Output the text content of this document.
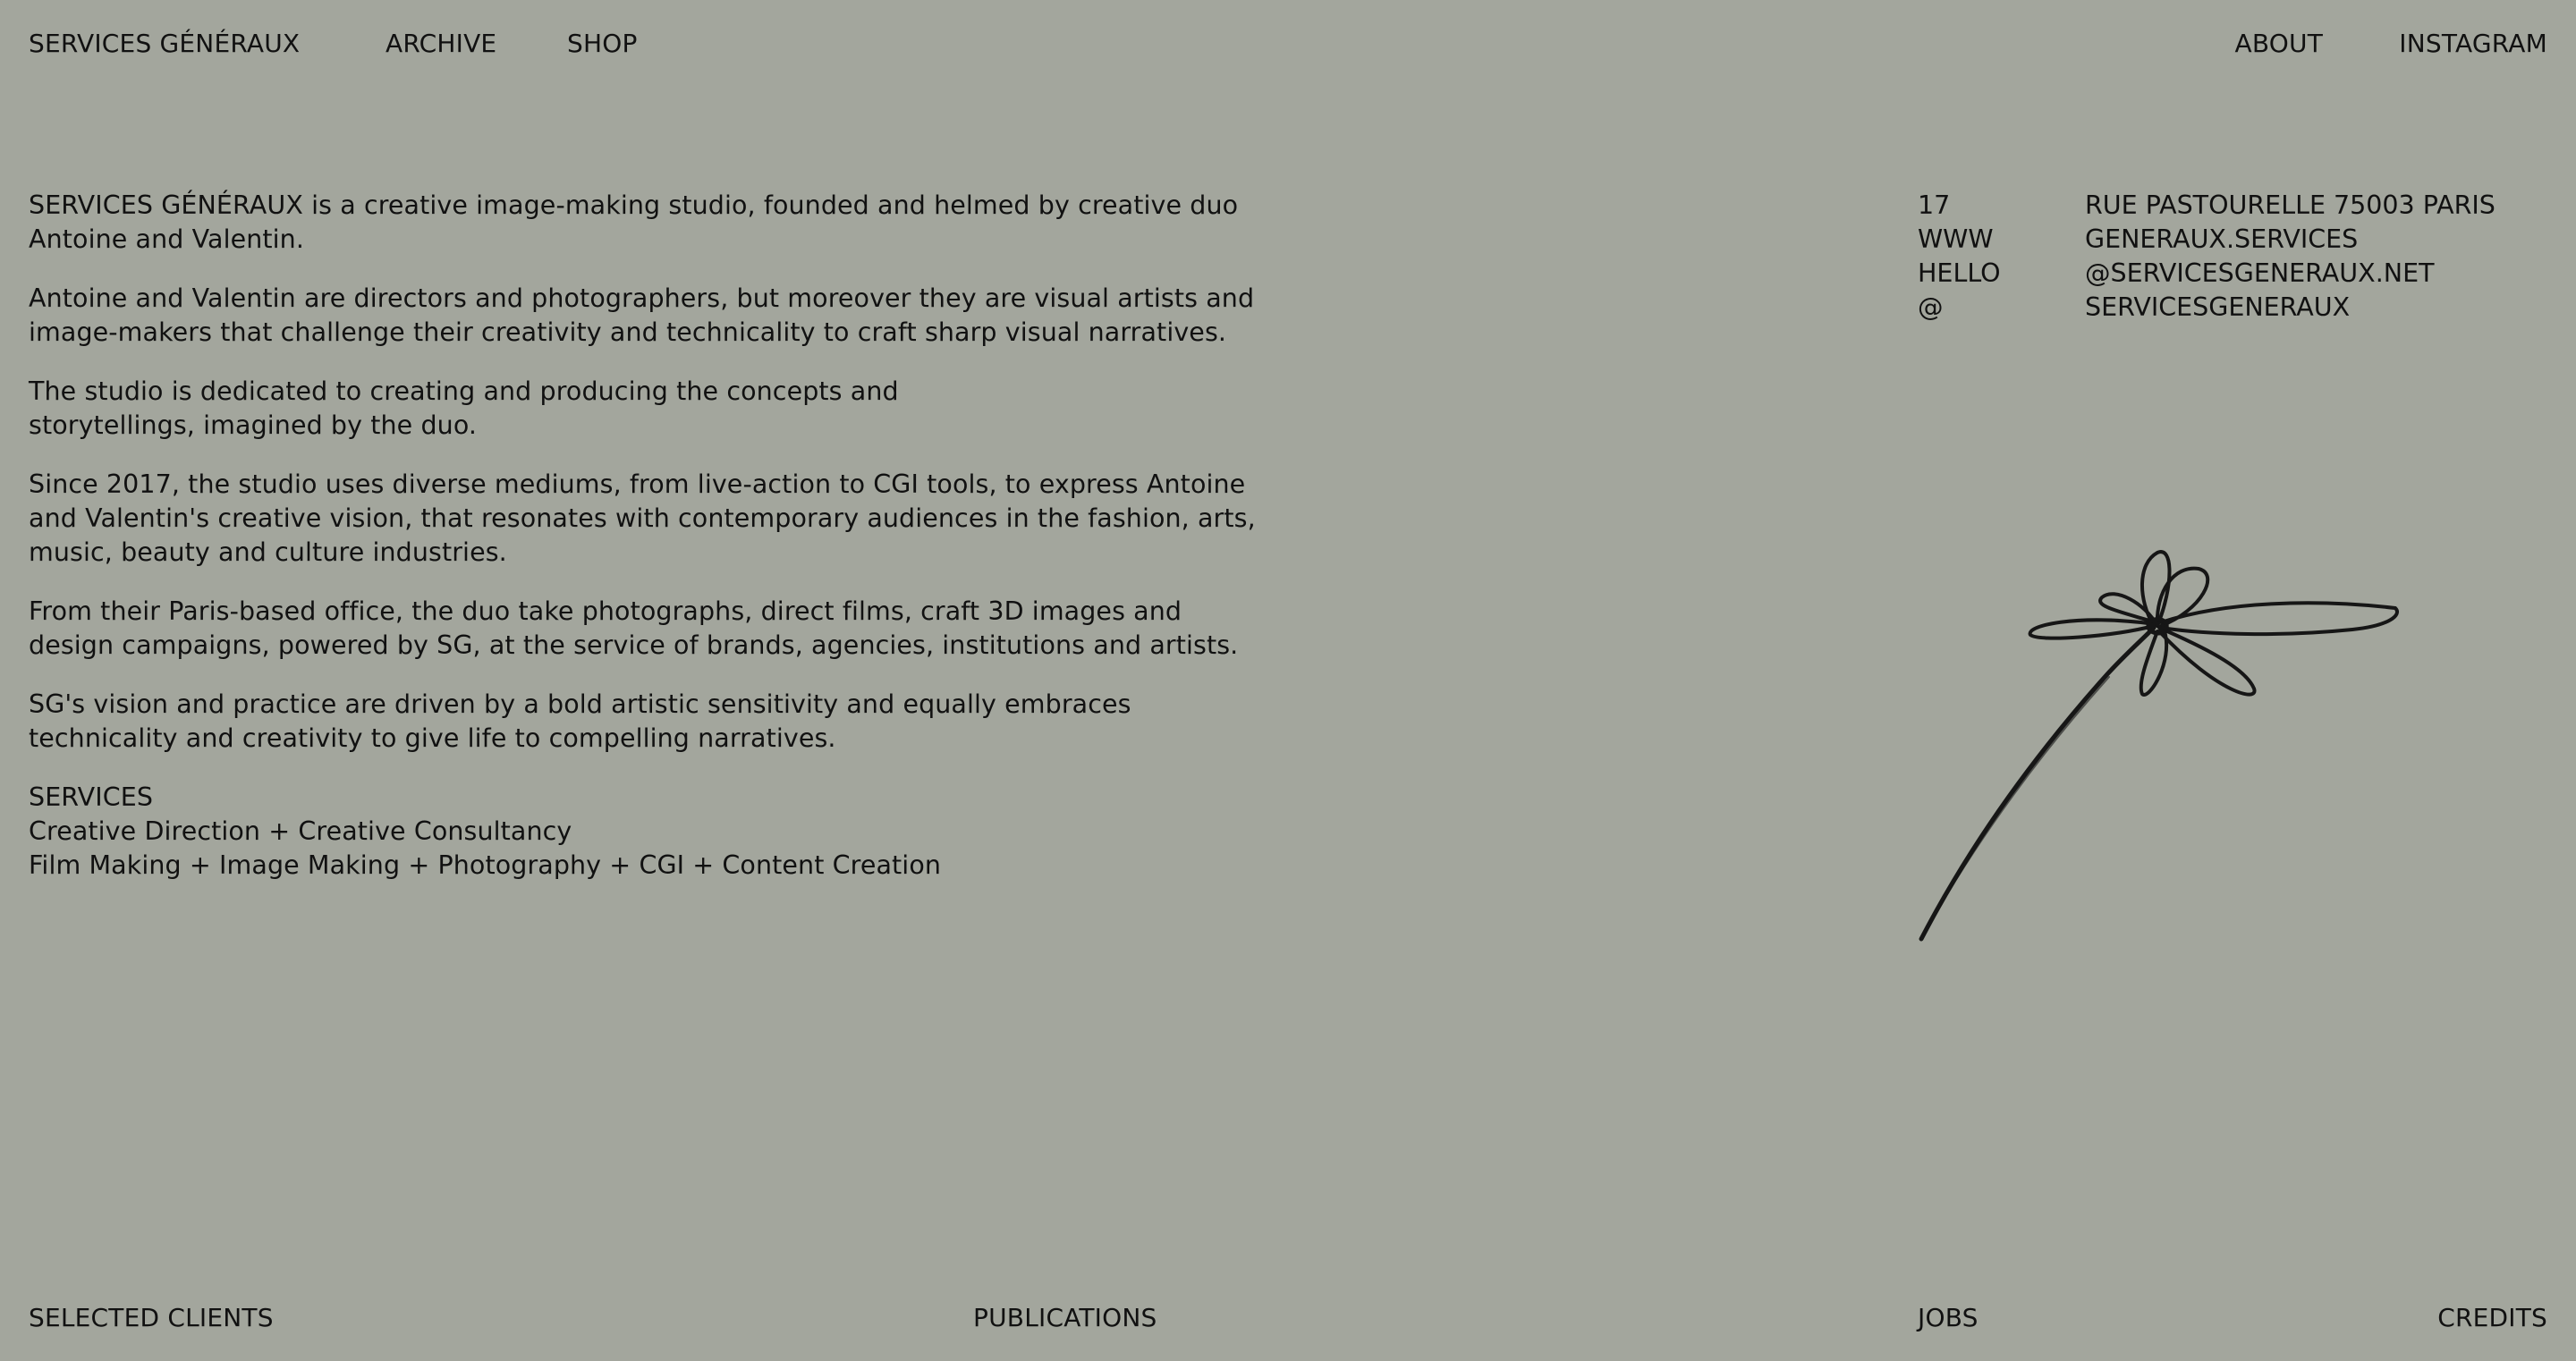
SERVICES GÉNÉRAUX	ARCHIVE	SHOP	ABOUT	INSTAGRAM

SERVICES GÉNÉRAUX is a creative image-making studio, founded and helmed by creative duo Antoine and Valentin.

Antoine and Valentin are directors and photographers, but moreover they are visual artists and image-makers that challenge their creativity and technicality to craft sharp visual narratives.

The studio is dedicated to creating and producing the concepts and storytellings, imagined by the duo.

Since 2017, the studio uses diverse mediums, from live-action to CGI tools, to express Antoine and Valentin's creative vision, that resonates with contemporary audiences in the fashion, arts, music, beauty and culture industries.

From their Paris-based office, the duo take photographs, direct films, craft 3D images and design campaigns, powered by SG, at the service of brands, agencies, institutions and artists.

SG's vision and practice are driven by a bold artistic sensitivity and equally embraces technicality and creativity to give life to compelling narratives.

SERVICES
Creative Direction + Creative Consultancy
Film Making + Image Making + Photography + CGI + Content Creation
17	RUE PASTOURELLE 75003 PARIS
WWW	GENERAUX.SERVICES
HELLO	@SERVICESGENERAUX.NET
@	SERVICESGENERAUX
SELECTED CLIENTS	PUBLICATIONS	JOBS	CREDITS
